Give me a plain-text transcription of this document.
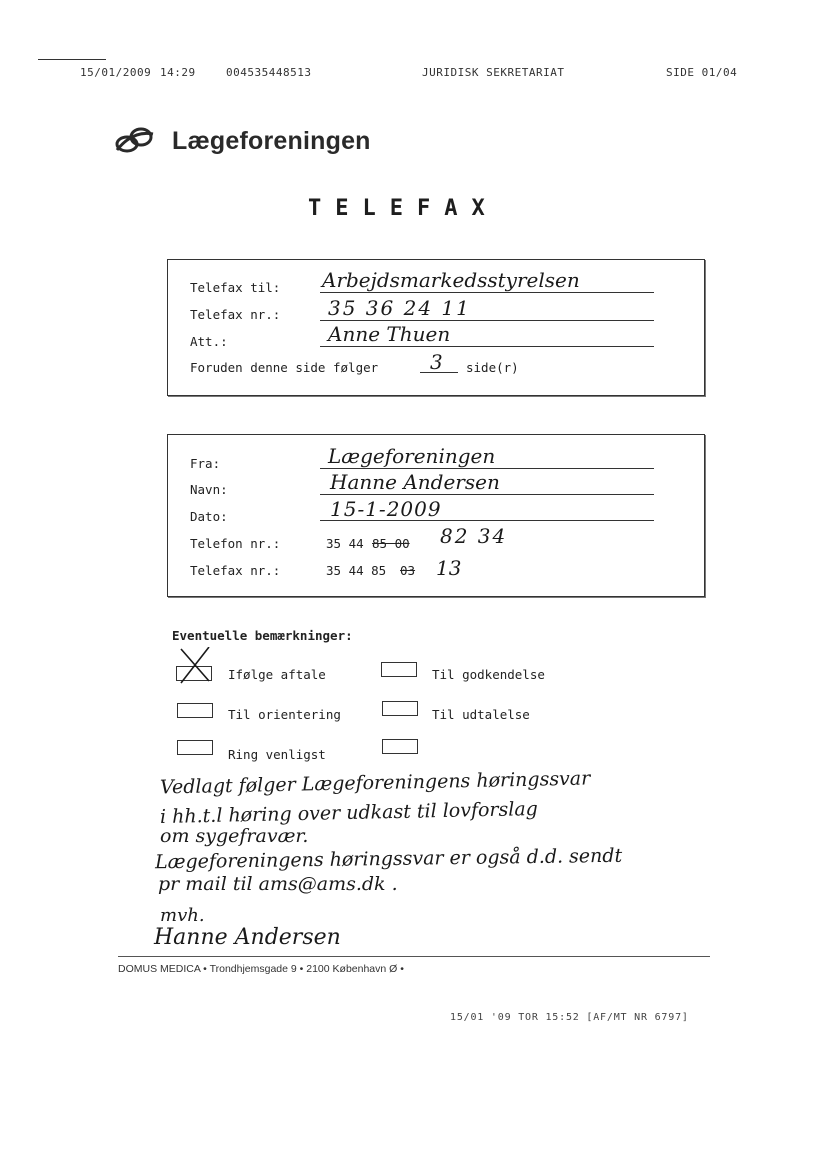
15/01/2009 14:29	004535448513	JURIDISK SEKRETARIAT	SIDE 01/04
Lægeforeningen
TELEFAX
Telefax til: Arbejdsmarkedsstyrelsen
Telefax nr.: 35 36 24 11
Att.:	Anne Thuen
Foruden denne side følger	3 side(r)
Fra:	Lægeforeningen
Navn:	Hanne Andersen
Dato:	15-1-2009
Telefon nr.:	35 44 85 00 82 34
Telefax nr.:	35 44 85 03 13
Eventuelle bemærkninger:
Ifølge aftale	Til godkendelse
Til orientering	Til udtalelse
Ring venligst
Vedlagt følger Lægeforeningens høringssvar
i hh.t.l høring over udkast til lovforslag
om sygefravær.
Lægeforeningens høringssvar er også d.d. sendt
pr mail til ams@ams.dk .
mvh.
Hanne Andersen
DOMUS MEDICA • Trondhjemsgade 9 • 2100 København Ø •
15/01 '09 TOR 15:52 [AF/MT NR 6797]
